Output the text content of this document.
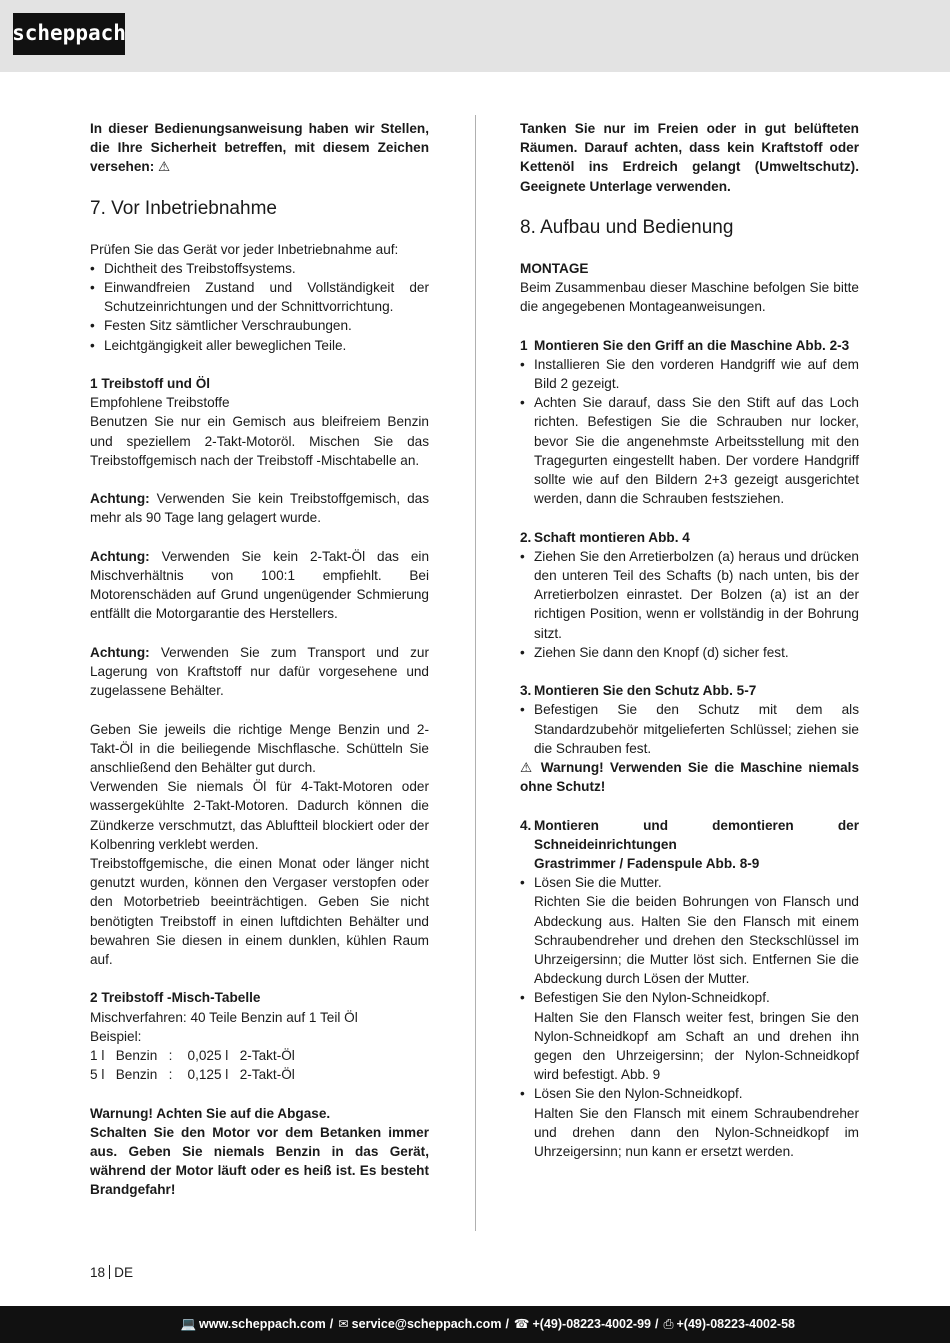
scheppach

In dieser Bedienungsanweisung haben wir Stellen, die Ihre Sicherheit betreffen, mit diesem Zeichen versehen: ⚠

7. Vor Inbetriebnahme

Prüfen Sie das Gerät vor jeder Inbetriebnahme auf:

• Dichtheit des Treibstoffsystems.
• Einwandfreien Zustand und Vollständigkeit der Schutzeinrichtungen und der Schnittvorrichtung.
• Festen Sitz sämtlicher Verschraubungen.
• Leichtgängigkeit aller beweglichen Teile.

1 Treibstoff und Öl

Empfohlene Treibstoffe

Benutzen Sie nur ein Gemisch aus bleifreiem Benzin und speziellem 2-Takt-Motoröl. Mischen Sie das Treibstoffgemisch nach der Treibstoff -Mischtabelle an.

Achtung: Verwenden Sie kein Treibstoffgemisch, das mehr als 90 Tage lang gelagert wurde.

Achtung: Verwenden Sie kein 2-Takt-Öl das ein Mischverhältnis von 100:1 empfiehlt. Bei Motorenschäden auf Grund ungenügender Schmierung entfällt die Motorgarantie des Herstellers.

Achtung: Verwenden Sie zum Transport und zur Lagerung von Kraftstoff nur dafür vorgesehene und zugelassene Behälter.

Geben Sie jeweils die richtige Menge Benzin und 2-Takt-Öl in die beiliegende Mischflasche. Schütteln Sie anschließend den Behälter gut durch.

Verwenden Sie niemals Öl für 4-Takt-Motoren oder wassergekühlte 2-Takt-Motoren. Dadurch können die Zündkerze verschmutzt, das Abluftteil blockiert oder der Kolbenring verklebt werden.

Treibstoffgemische, die einen Monat oder länger nicht genutzt wurden, können den Vergaser verstopfen oder den Motorbetrieb beeinträchtigen. Geben Sie nicht benötigten Treibstoff in einen luftdichten Behälter und bewahren Sie diesen in einem dunklen, kühlen Raum auf.

2 Treibstoff -Misch-Tabelle

Mischverfahren: 40 Teile Benzin auf 1 Teil Öl

Beispiel:

1 l
Benzin
:
0,025 l
2-Takt-Öl
5 l
Benzin
:
0,125 l
2-Takt-Öl

Warnung! Achten Sie auf die Abgase.

Schalten Sie den Motor vor dem Betanken immer aus. Geben Sie niemals Benzin in das Gerät, während der Motor läuft oder es heiß ist. Es besteht Brandgefahr!

Tanken Sie nur im Freien oder in gut belüfteten Räumen. Darauf achten, dass kein Kraftstoff oder Kettenöl ins Erdreich gelangt (Umweltschutz). Geeignete Unterlage verwenden.

8. Aufbau und Bedienung

MONTAGE

Beim Zusammenbau dieser Maschine befolgen Sie bitte die angegebenen Montageanweisungen.

1 Montieren Sie den Griff an die Maschine Abb. 2-3
• Installieren Sie den vorderen Handgriff wie auf dem Bild 2 gezeigt.
• Achten Sie darauf, dass Sie den Stift auf das Loch richten. Befestigen Sie die Schrauben nur locker, bevor Sie die angenehmste Arbeitsstellung mit den Tragegurten eingestellt haben. Der vordere Handgriff sollte wie auf den Bildern 2+3 gezeigt ausgerichtet werden, dann die Schrauben festsziehen.
2. Schaft montieren Abb. 4
• Ziehen Sie den Arretierbolzen (a) heraus und drücken den unteren Teil des Schafts (b) nach unten, bis der Arretierbolzen einrastet. Der Bolzen (a) ist an der richtigen Position, wenn er vollständig in der Bohrung sitzt.
• Ziehen Sie dann den Knopf (d) sicher fest.
3. Montieren Sie den Schutz Abb. 5-7
• Befestigen Sie den Schutz mit dem als Standardzubehör mitgelieferten Schlüssel; ziehen sie die Schrauben fest.

⚠ Warnung! Verwenden Sie die Maschine niemals ohne Schutz!

4. Montieren und demontieren der Schneideinrichtungen
Grastrimmer / Fadenspule Abb. 8-9
• Lösen Sie die Mutter.
Richten Sie die beiden Bohrungen von Flansch und Abdeckung aus. Halten Sie den Flansch mit einem Schraubendreher und drehen den Steckschlüssel im Uhrzeigersinn; die Mutter löst sich. Entfernen Sie die Abdeckung durch Lösen der Mutter.
• Befestigen Sie den Nylon-Schneidkopf.
Halten Sie den Flansch weiter fest, bringen Sie den Nylon-Schneidkopf am Schaft an und drehen ihn gegen den Uhrzeigersinn; der Nylon-Schneidkopf wird befestigt. Abb. 9
• Lösen Sie den Nylon-Schneidkopf.
Halten Sie den Flansch mit einem Schraubendreher und drehen dann den Nylon-Schneidkopf im Uhrzeigersinn; nun kann er ersetzt werden.
18 DE
💻 www.scheppach.com / ✉ service@scheppach.com / ☎ +(49)-08223-4002-99 / ⎙ +(49)-08223-4002-58
